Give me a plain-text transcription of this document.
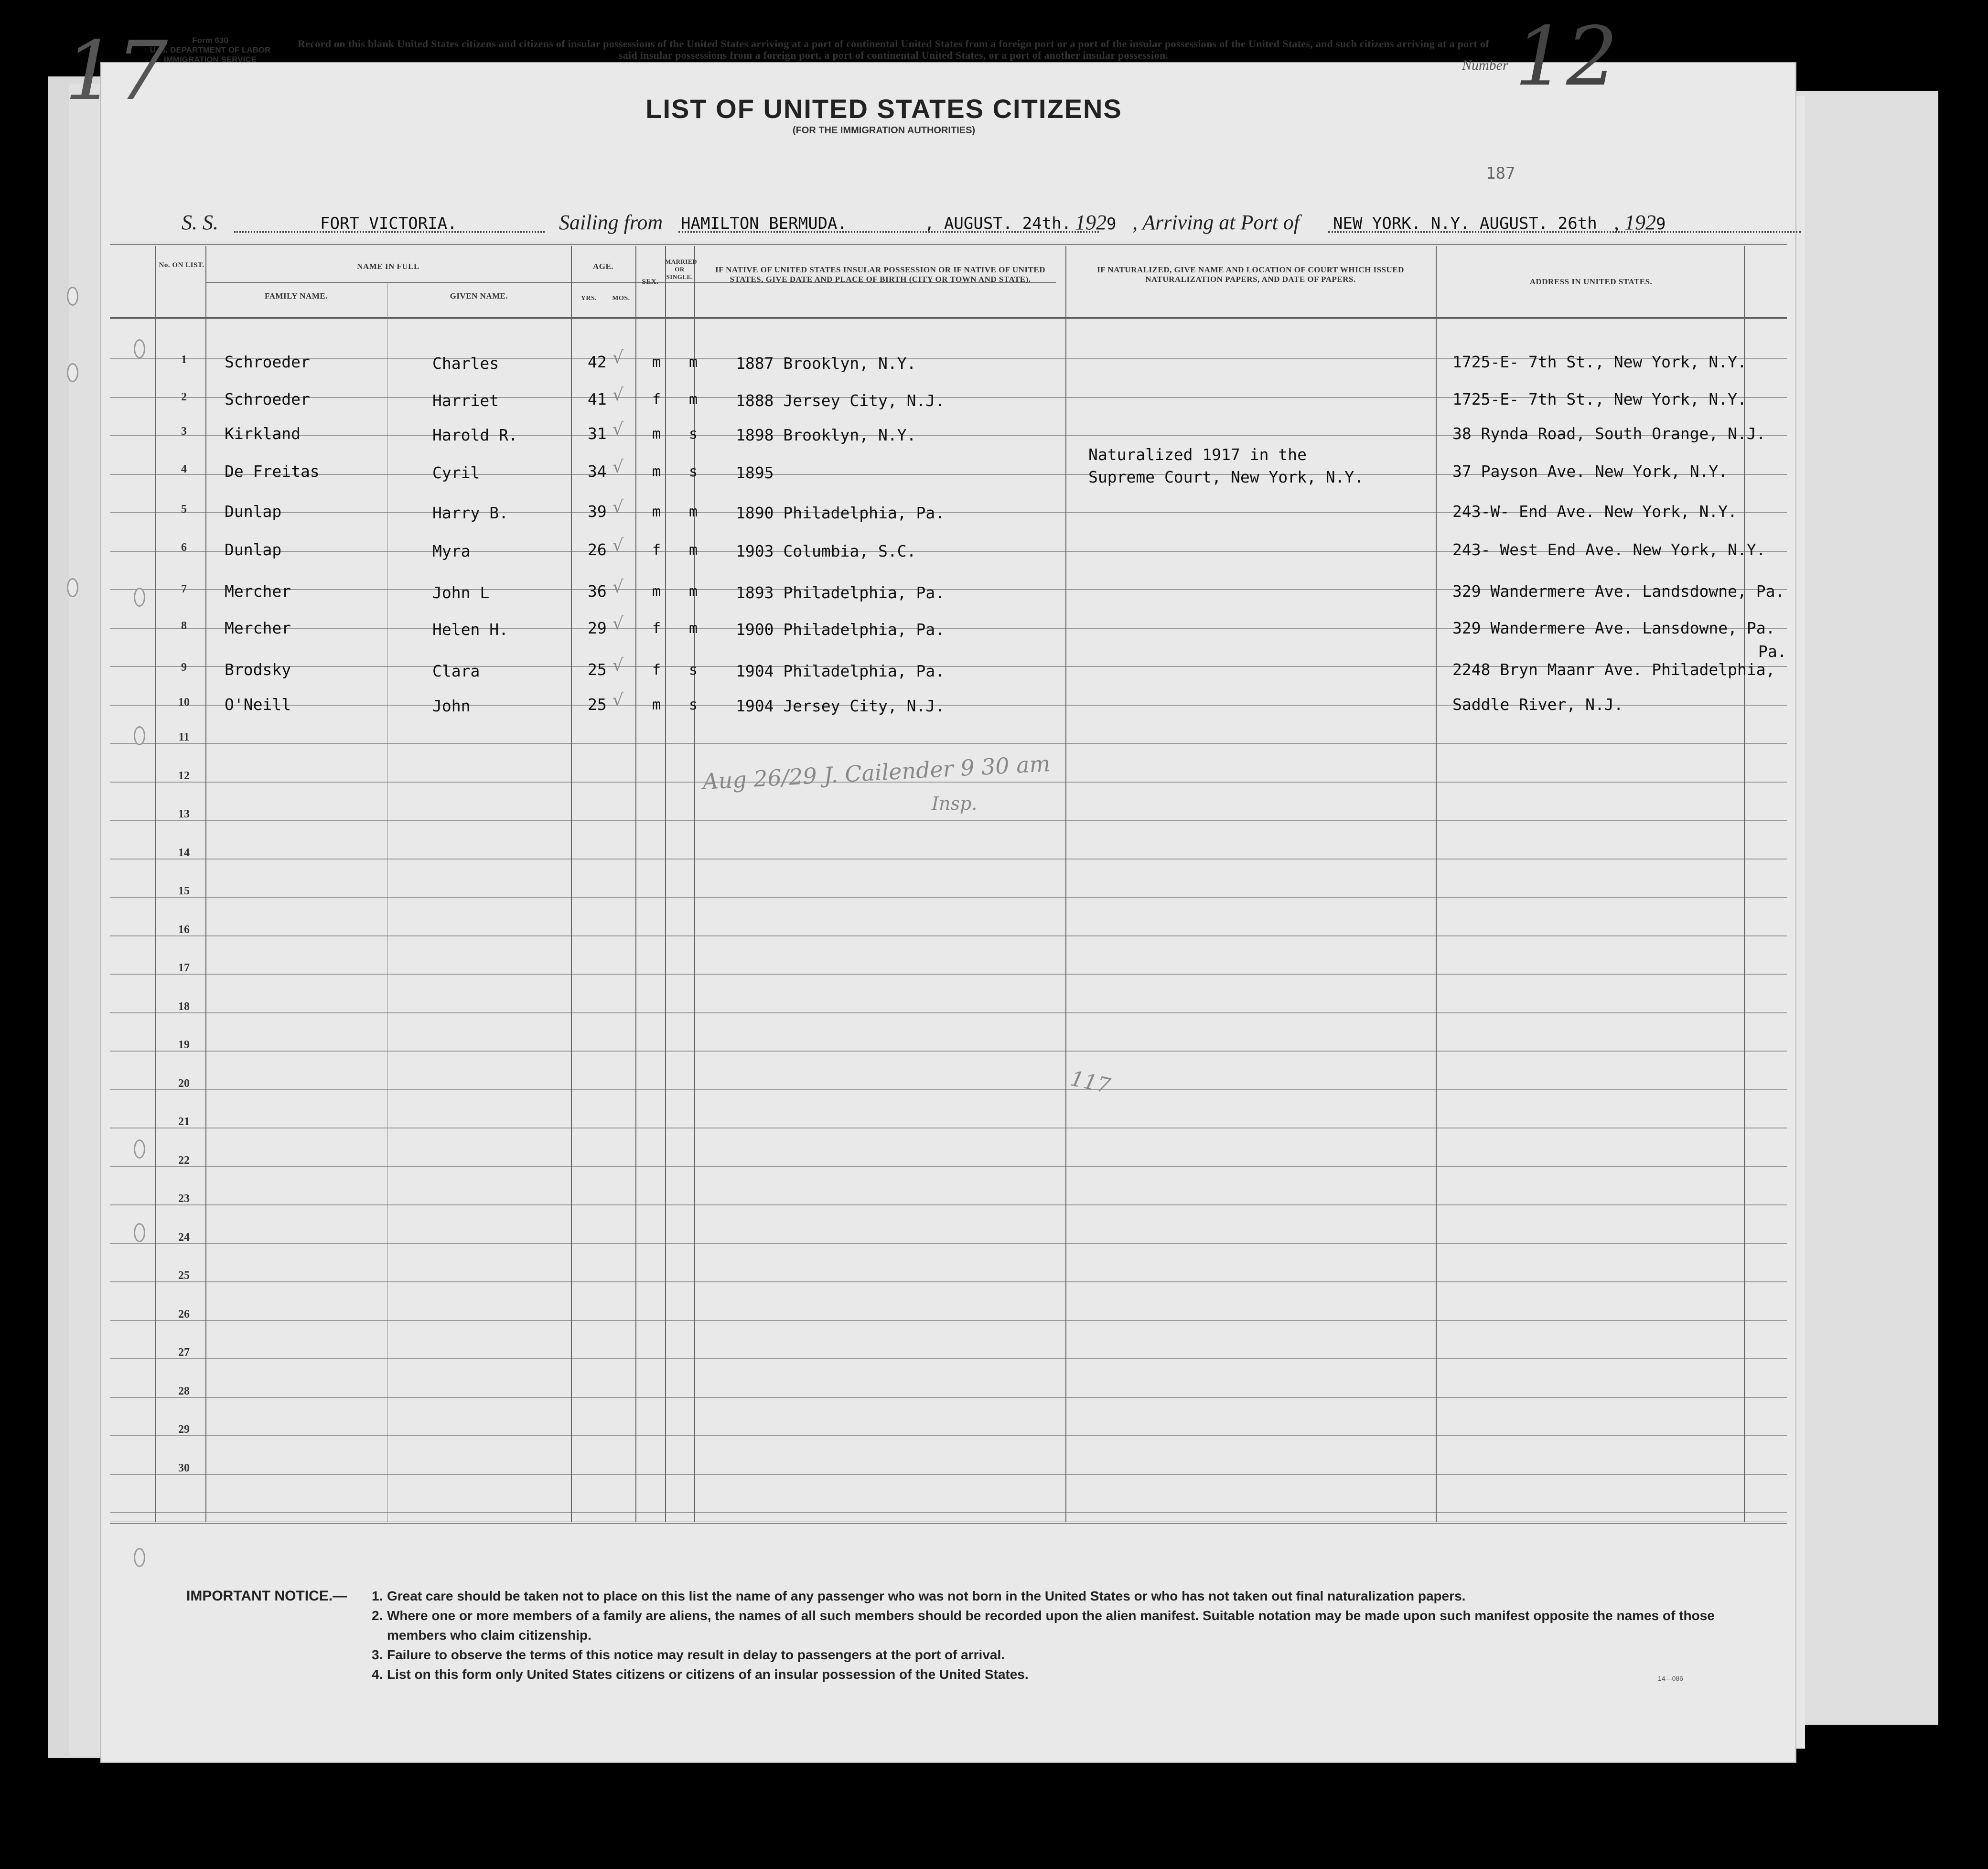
Form 630
U. S. DEPARTMENT OF LABOR
IMMIGRATION SERVICE
17	Record on this blank United States citizens and citizens of insular possessions of the United States arriving at a port of continental United States from a foreign port or a port of the insular possessions of the United States, and such citizens arriving at a port of said insular possessions from a foreign port, a port of continental United States, or a port of another insular possession.
LIST OF UNITED STATES CITIZENS
(FOR THE IMMIGRATION AUTHORITIES)
Number 12
187
S. S.	FORT VICTORIA.	Sailing from HAMILTON BERMUDA.	, AUGUST. 24th. 1929 , Arriving at Port of NEW YORK. N.Y. AUGUST. 26th , 1929
No. ON LIST.	NAME IN FULL
FAMILY NAME.	GIVEN NAME.
AGE.
YRS.	MOS.
SEX.
MARRIED OR SINGLE.
IF NATIVE OF UNITED STATES INSULAR POSSESSION OR IF NATIVE OF UNITED STATES, GIVE DATE AND PLACE OF BIRTH (CITY OR TOWN AND STATE).
IF NATURALIZED, GIVE NAME AND LOCATION OF COURT WHICH ISSUED NATURALIZATION PAPERS, AND DATE OF PAPERS.	ADDRESS IN UNITED STATES.
1	Schroeder	Charles	42 √ m m 1887 Brooklyn, N.Y.	1725-E- 7th St., New York, N.Y.
2	Schroeder	Harriet	41 √ f m 1888 Jersey City, N.J.	1725-E- 7th St., New York, N.Y.
3	Kirkland	Harold R.	31 √ m s 1898 Brooklyn, N.Y.	38 Rynda Road, South Orange, N.J.
4	De Freitas	Cyril	34 √ m s 1895
Naturalized 1917 in the
Supreme Court, New York, N.Y.	37 Payson Ave. New York, N.Y.
5	Dunlap	Harry B.	39 √ m m 1890 Philadelphia, Pa.	243-W- End Ave. New York, N.Y.
6	Dunlap	Myra	26 √ f m 1903 Columbia, S.C.	243- West End Ave. New York, N.Y.
7	Mercher	John L	36 √ m m 1893 Philadelphia, Pa.	329 Wandermere Ave. Landsdowne, Pa.
8	Mercher	Helen H.	29 √ f m 1900 Philadelphia, Pa.	329 Wandermere Ave. Lansdowne, Pa.
9	Brodsky	Clara	25 √ f s 1904 Philadelphia, Pa.	2248 Bryn Maanr Ave. Philadelphia,
Pa.
10	O'Neill	John	25 √ m s 1904 Jersey City, N.J.	Saddle River, N.J.
11
12
13
14
15
16
17
18
19
20
21
22
23
24
25
26
27
28
29
30
Aug 26/29 J. Cailender 9 30 am
Insp.
117
IMPORTANT NOTICE.— 1. Great care should be taken not to place on this list the name of any passenger who was not born in the United States or who has not taken out final naturalization papers.
2. Where one or more members of a family are aliens, the names of all such members should be recorded upon the alien manifest. Suitable notation may be made upon such manifest opposite the names of those members who claim citizenship.
3. Failure to observe the terms of this notice may result in delay to passengers at the port of arrival.
4. List on this form only United States citizens or citizens of an insular possession of the United States.	14—086
